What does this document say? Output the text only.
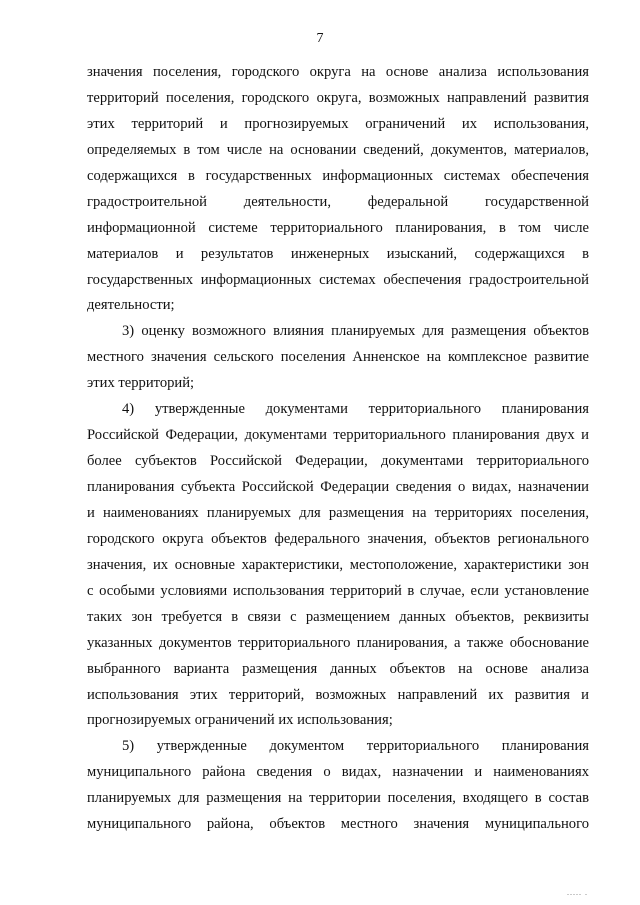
7
значения поселения, городского округа на основе анализа использования
территорий поселения, городского округа, возможных направлений развития
этих территорий и прогнозируемых ограничений их использования,
определяемых в том числе на основании сведений, документов, материалов,
содержащихся в государственных информационных системах обеспечения
градостроительной деятельности, федеральной государственной
информационной системе территориального планирования, в том числе
материалов и результатов инженерных изысканий, содержащихся в
государственных информационных системах обеспечения градостроительной
деятельности;
3) оценку возможного влияния планируемых для размещения объектов
местного значения сельского поселения Анненское на комплексное развитие
этих территорий;
4) утвержденные документами территориального планирования
Российской Федерации, документами территориального планирования двух и
более субъектов Российской Федерации, документами территориального
планирования субъекта Российской Федерации сведения о видах, назначении
и наименованиях планируемых для размещения на территориях поселения,
городского округа объектов федерального значения, объектов регионального
значения, их основные характеристики, местоположение, характеристики зон
с особыми условиями использования территорий в случае, если установление
таких зон требуется в связи с размещением данных объектов, реквизиты
указанных документов территориального планирования, а также обоснование
выбранного варианта размещения данных объектов на основе анализа
использования этих территорий, возможных направлений их развития и
прогнозируемых ограничений их использования;
5) утвержденные документом территориального планирования
муниципального района сведения о видах, назначении и наименованиях
планируемых для размещения на территории поселения, входящего в состав
муниципального района, объектов местного значения муниципального
..... .
